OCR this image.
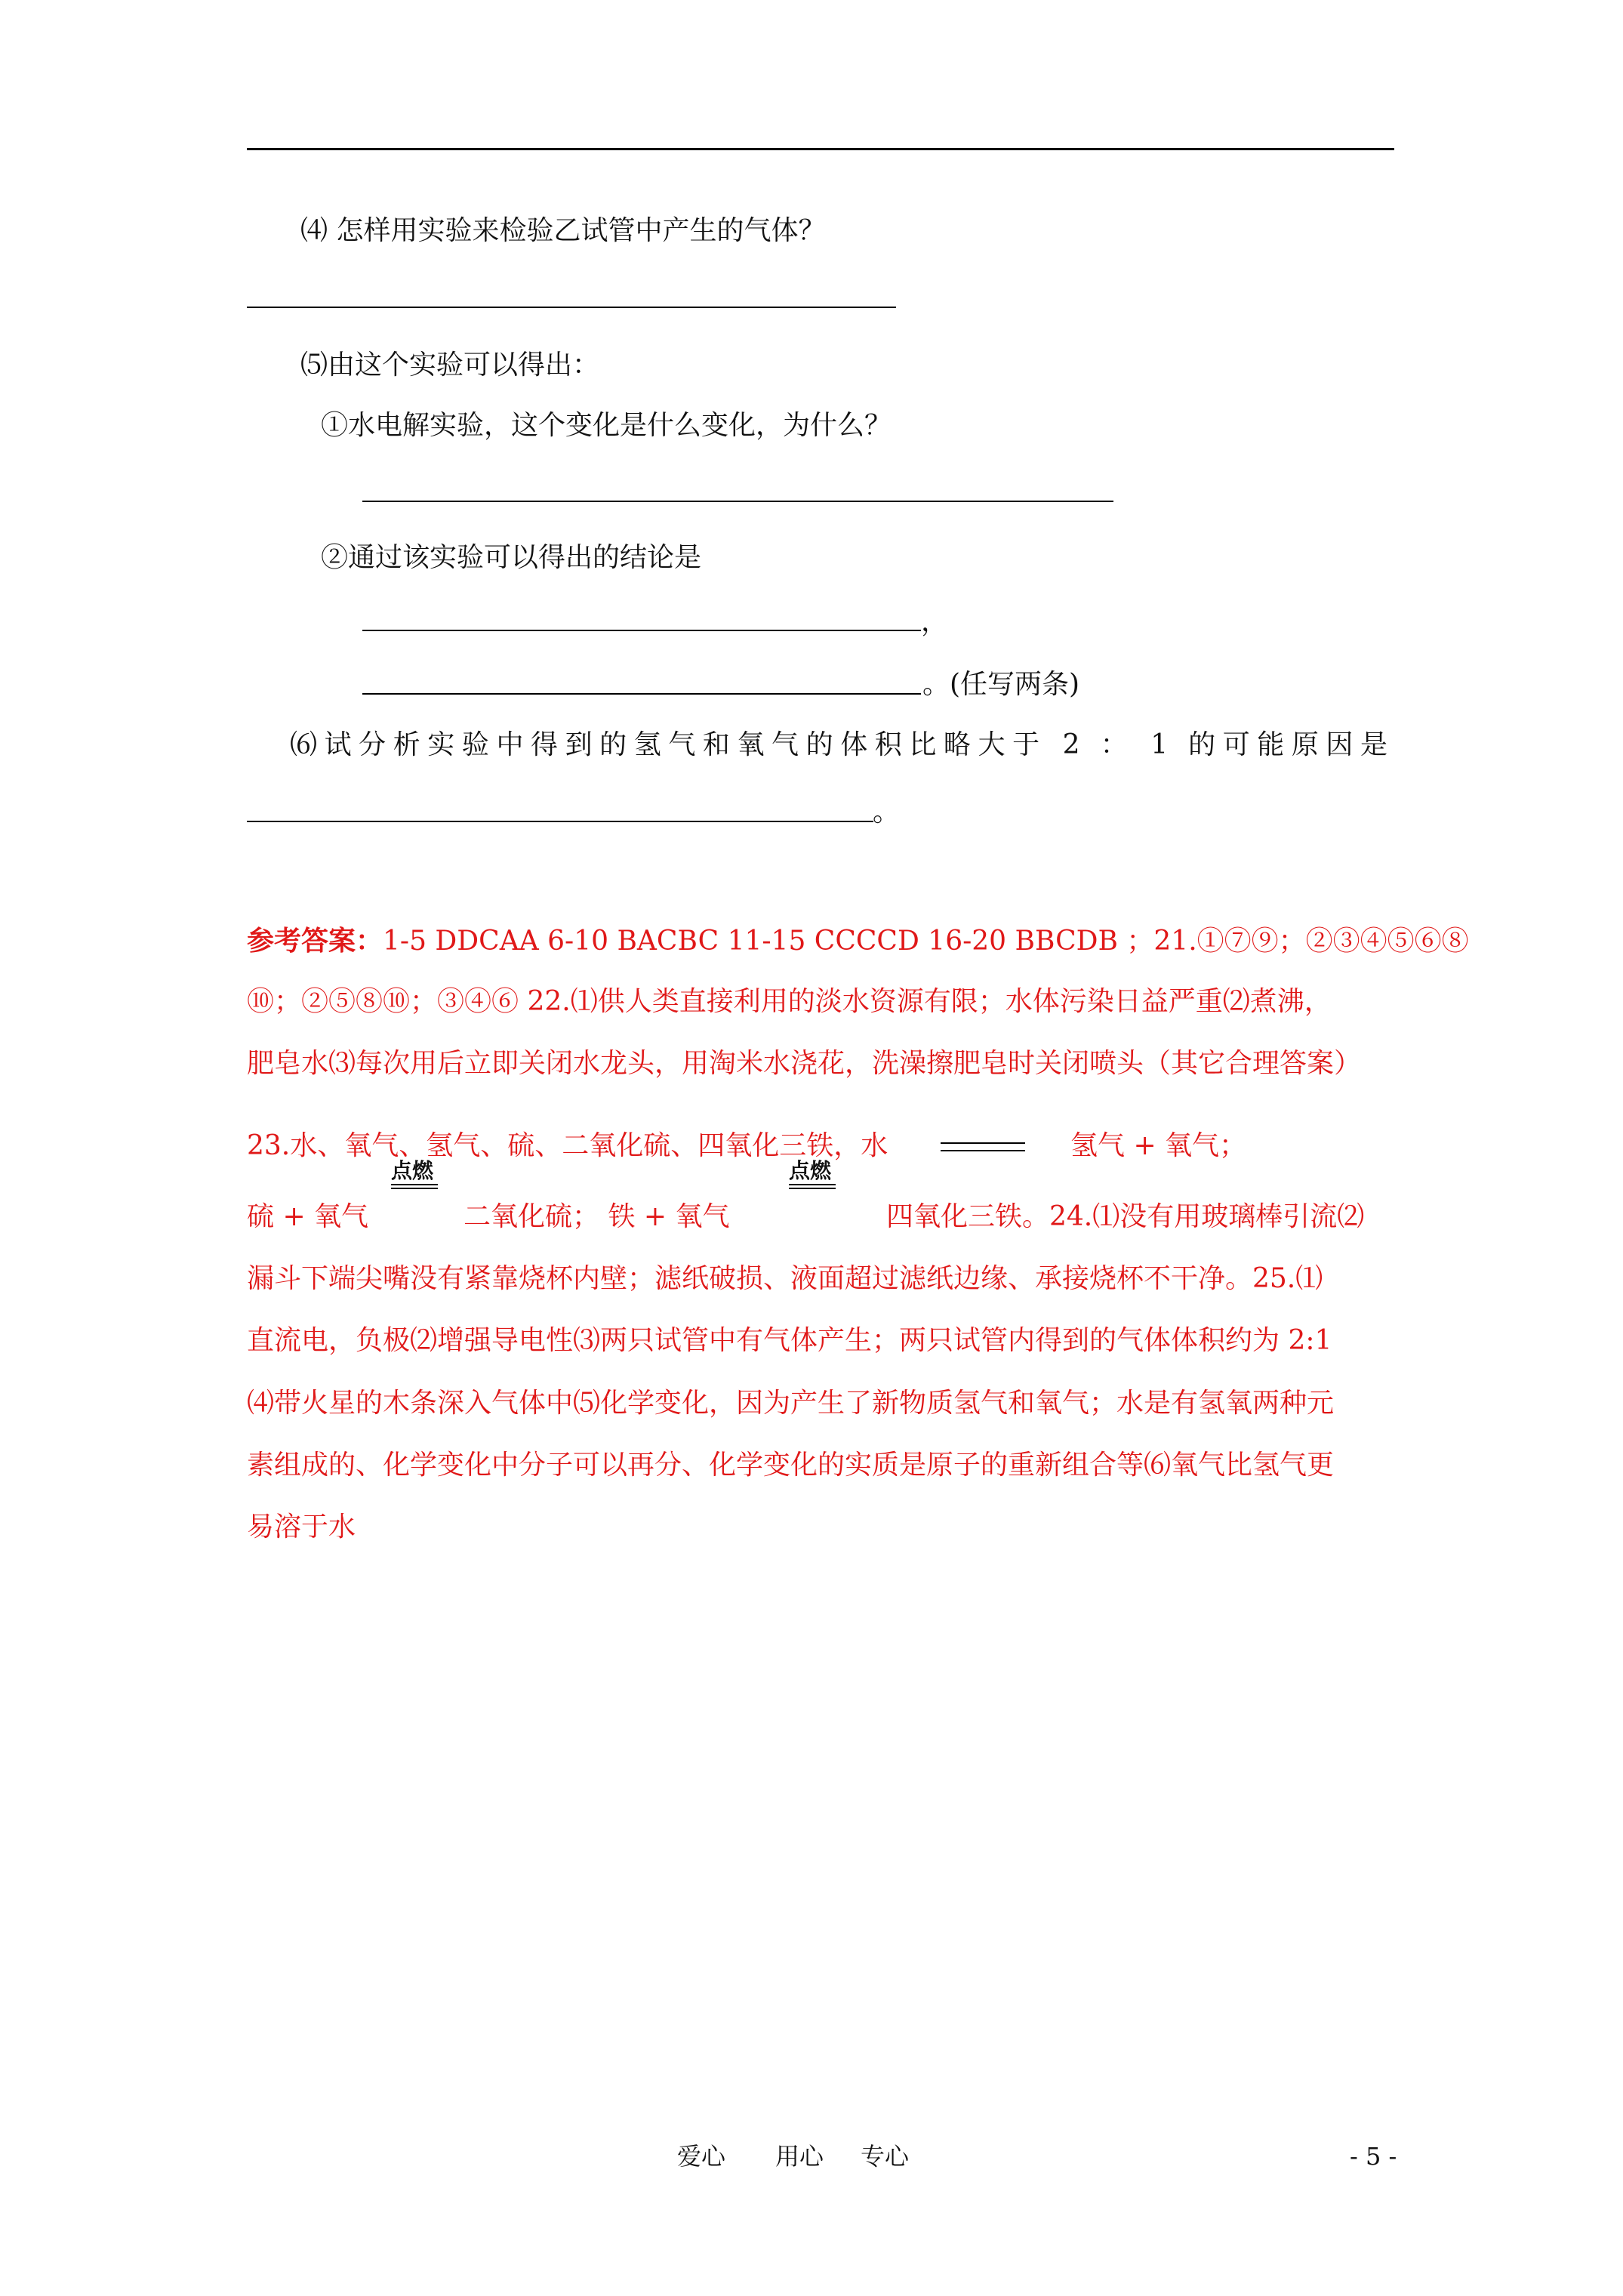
⑷ 怎样用实验来检验乙试管中产生的气体？
⑸由这个实验可以得出：
①水电解实验，这个变化是什么变化，为什么？
②通过该实验可以得出的结论是
，
。(任写两条)
⑹试分析实验中得到的氢气和氧气的体积比略大于 2 ： 1 的可能原因是
。
参考答案：1-5 DDCAA 6-10 BACBC 11-15 CCCCD 16-20 BBCDB ；21.①⑦⑨；②③④⑤⑥⑧
⑩；②⑤⑧⑩；③④⑥ 22.⑴供人类直接利用的淡水资源有限；水体污染日益严重⑵煮沸，
肥皂水⑶每次用后立即关闭水龙头，用淘米水浇花，洗澡擦肥皂时关闭喷头（其它合理答案）
23.水、氧气、氢气、硫、二氧化硫、四氧化三铁，水	氢气 + 氧气；
点燃	点燃
硫 + 氧气	二氧化硫； 铁 + 氧气	四氧化三铁。24.⑴没有用玻璃棒引流⑵
漏斗下端尖嘴没有紧靠烧杯内壁；滤纸破损、液面超过滤纸边缘、承接烧杯不干净。25.⑴
直流电，负极⑵增强导电性⑶两只试管中有气体产生；两只试管内得到的气体体积约为 2:1
⑷带火星的木条深入气体中⑸化学变化，因为产生了新物质氢气和氧气；水是有氢氧两种元
素组成的、化学变化中分子可以再分、化学变化的实质是原子的重新组合等⑹氧气比氢气更
易溶于水
爱心 用心 专心	- 5 -
